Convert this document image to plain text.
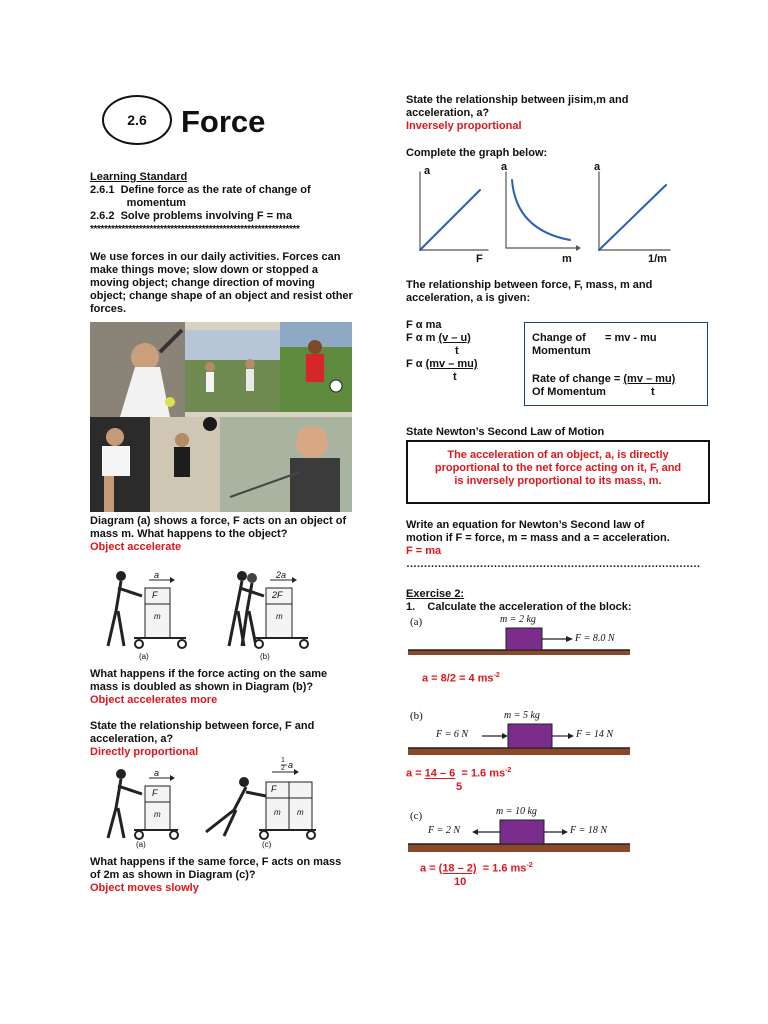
2.6 Force
Learning Standard
2.6.1  Define force as the rate of change of
momentum
2.6.2  Solve problems involving F = ma
************************************************************
We use forces in our daily activities. Forces can
make things move; slow down or stopped a
moving object; change direction of moving
object; change shape of an object and resist other
forces.
Diagram (a) shows a force, F acts on an object of
mass m. What happens to the object?
Object accelerate
a
F
m
2a
2F
m
(a)	(b)
What happens if the force acting on the same
mass is doubled as shown in Diagram (b)?
Object accelerates more
State the relationship between force, F and
acceleration, a?
Directly proportional
a
F
m
1
2 a
F
m m
(a)	(c)
What happens if the same force, F acts on mass
of 2m as shown in Diagram (c)?
Object moves slowly
State the relationship between jisim,m and
acceleration, a?
Inversely proportional
Complete the graph below:
a
F
a
m
a
1/m
The relationship between force, F, mass, m and
acceleration, a is given:
F α ma
F α m (v – u)
t
F α (mv – mu)
t
Change of = mv - mu
Momentum
Rate of change = (mv – mu)
Of Momentum	t
State Newton’s Second Law of Motion
The acceleration of an object, a, is directly
proportional to the net force acting on it, F, and
is inversely proportional to its mass, m.
Write an equation for Newton’s Second law of
motion if F = force, m = mass and a = acceleration.
F = ma
…………………………………………………………………………
Exercise 2:
1.    Calculate the acceleration of the block:
(a)	m = 2 kg
F = 8.0 N
a = 8/2 = 4 $ms^{-2}$
(b)	m = 5 kg
F = 6 N	F = 14 N
a = 14 – 6  = 1.6 $ms^{-2}$
5
(c)	m = 10 kg
F = 2 N	F = 18 N
a = (18 – 2)  = 1.6 $ms^{-2}$
10
